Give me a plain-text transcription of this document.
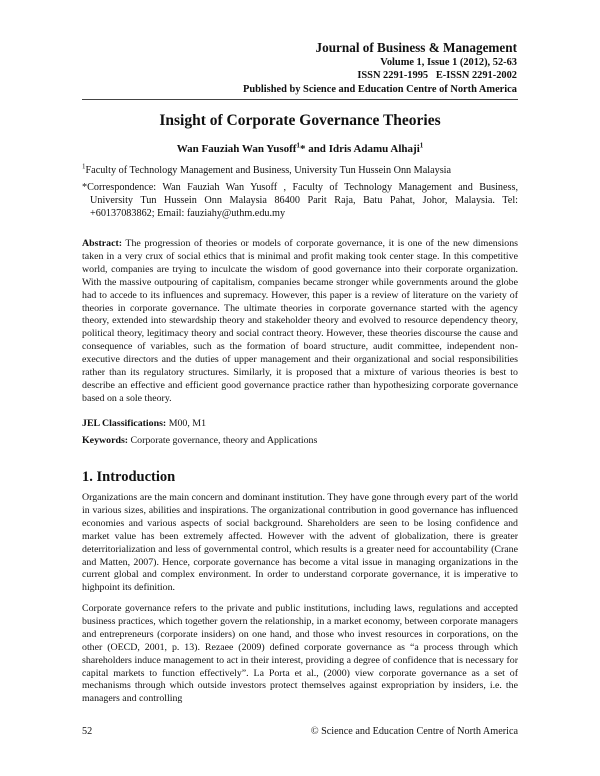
Journal of Business & Management
Volume 1, Issue 1 (2012), 52-63
ISSN 2291-1995   E-ISSN 2291-2002
Published by Science and Education Centre of North America
Insight of Corporate Governance Theories
Wan Fauziah Wan Yusoff$^1$* and Idris Adamu Alhaji$^1$
$^1$Faculty of Technology Management and Business, University Tun Hussein Onn Malaysia
*Correspondence: Wan Fauziah Wan Yusoff , Faculty of Technology Management and Business, University Tun Hussein Onn Malaysia 86400 Parit Raja, Batu Pahat, Johor, Malaysia. Tel: +60137083862; Email: fauziahy@uthm.edu.my
Abstract: The progression of theories or models of corporate governance, it is one of the new dimensions taken in a very crux of social ethics that is minimal and profit making took center stage. In this competitive world, companies are trying to inculcate the wisdom of good governance into their corporate organization. With the massive outpouring of capitalism, companies became stronger while governments around the globe had to accede to its influences and supremacy. However, this paper is a review of literature on the variety of theories in corporate governance. The ultimate theories in corporate governance started with the agency theory, extended into stewardship theory and stakeholder theory and evolved to resource dependency theory, political theory, legitimacy theory and social contract theory. However, these theories discourse the cause and consequence of variables, such as the formation of board structure, audit committee, independent non-executive directors and the duties of upper management and their organizational and social responsibilities rather than its regulatory structures. Similarly, it is proposed that a mixture of various theories is best to describe an effective and efficient good governance practice rather than hypothesizing corporate governance based on a sole theory.
JEL Classifications: M00, M1
Keywords: Corporate governance, theory and Applications
1. Introduction
Organizations are the main concern and dominant institution. They have gone through every part of the world in various sizes, abilities and inspirations. The organizational contribution in good governance has influenced economies and various aspects of social background. Shareholders are seen to be losing confidence and market value has been extremely affected. However with the advent of globalization, there is greater deterritorialization and less of governmental control, which results is a greater need for accountability (Crane and Matten, 2007). Hence, corporate governance has become a vital issue in managing organizations in the current global and complex environment. In order to understand corporate governance, it is imperative to highpoint its definition.
Corporate governance refers to the private and public institutions, including laws, regulations and accepted business practices, which together govern the relationship, in a market economy, between corporate managers and entrepreneurs (corporate insiders) on one hand, and those who invest resources in corporations, on the other (OECD, 2001, p. 13). Rezaee (2009) defined corporate governance as “a process through which shareholders induce management to act in their interest, providing a degree of confidence that is necessary for capital markets to function effectively”. La Porta et al., (2000) view corporate governance as a set of mechanisms through which outside investors protect themselves against expropriation by insiders, i.e. the managers and controlling
52	© Science and Education Centre of North America
